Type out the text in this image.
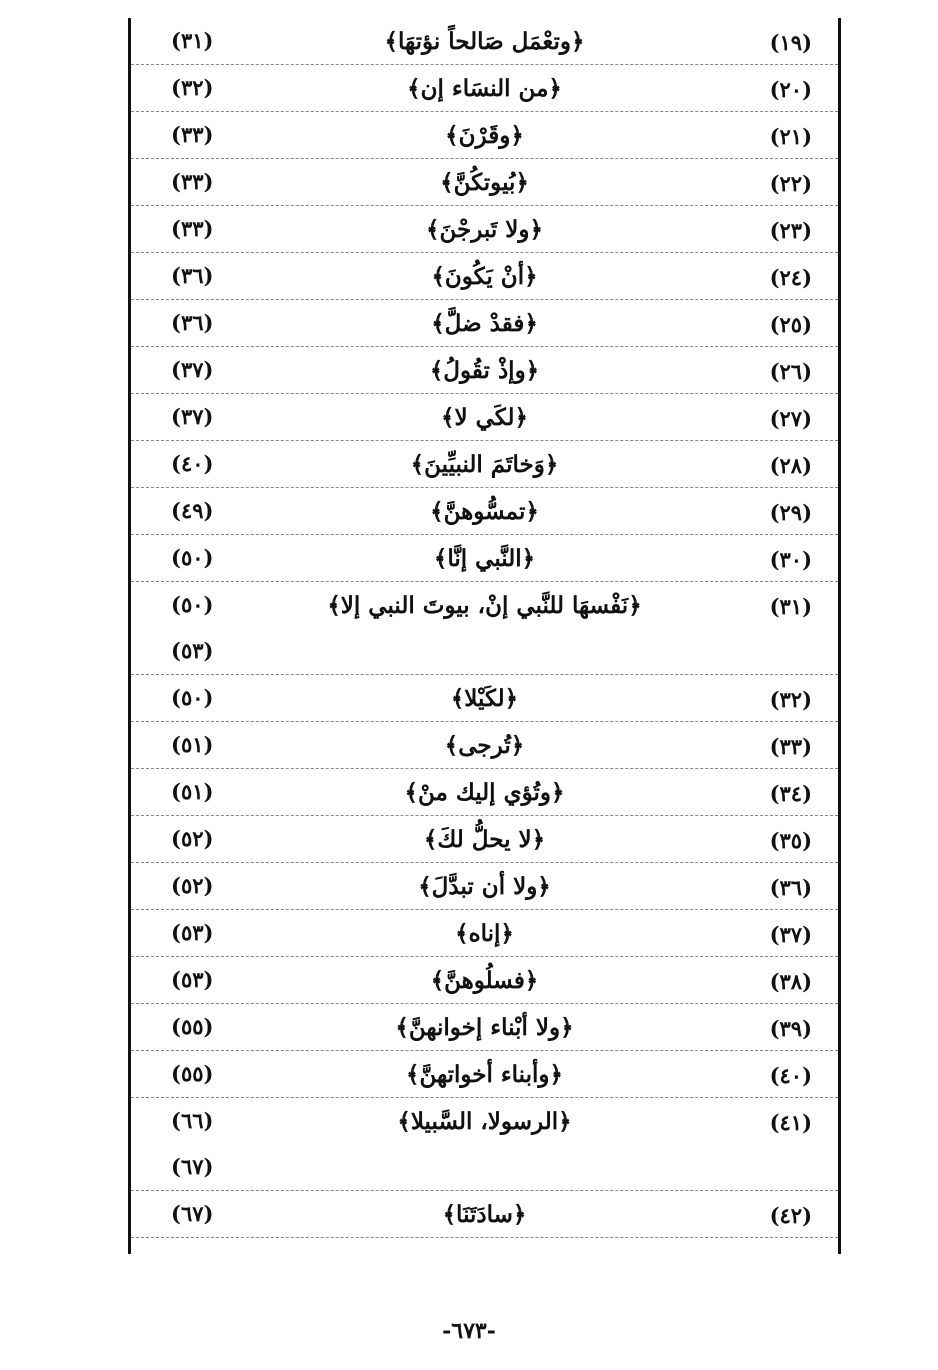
(١٩)
﴿وتعْمَل صَالحاً نؤتهَا﴾
(٣١)
(٢٠)
﴿من النسَاء إن﴾
(٣٢)
(٢١)
﴿وقَرْنَ﴾
(٣٣)
(٢٢)
﴿بُيوتكُنَّ﴾
(٣٣)
(٢٣)
﴿ولا تَبرجْنَ﴾
(٣٣)
(٢٤)
﴿أنْ يَكُونَ﴾
(٣٦)
(٢٥)
﴿فقدْ ضلَّ﴾
(٣٦)
(٢٦)
﴿وإذْ تقُولُ﴾
(٣٧)
(٢٧)
﴿لكَي لا﴾
(٣٧)
(٢٨)
﴿وَخاتَمَ النبيِّينَ﴾
(٤٠)
(٢٩)
﴿تمسُّوهنَّ﴾
(٤٩)
(٣٠)
﴿النَّبي إنَّا﴾
(٥٠)
(٣١)
﴿نَفْسهَا للنَّبي إنْ، بيوتَ النبي إلا﴾
(٥٠)
(٥٣)
(٣٢)
﴿لكَيْلا﴾
(٥٠)
(٣٣)
﴿تُرجى﴾
(٥١)
(٣٤)
﴿وتُؤي إليك منْ﴾
(٥١)
(٣٥)
﴿لا يحلُّ لكَ﴾
(٥٢)
(٣٦)
﴿ولا أن تبدَّلَ﴾
(٥٢)
(٣٧)
﴿إناه﴾
(٥٣)
(٣٨)
﴿فسلُوهنَّ﴾
(٥٣)
(٣٩)
﴿ولا أبْناء إخوانهنَّ﴾
(٥٥)
(٤٠)
﴿وأبناء أخواتهنَّ﴾
(٥٥)
(٤١)
﴿الرسولا، السَّبيلا﴾
(٦٦)
(٦٧)
(٤٢)
﴿سادَتَنَا﴾
(٦٧)
-٦٧٣-
